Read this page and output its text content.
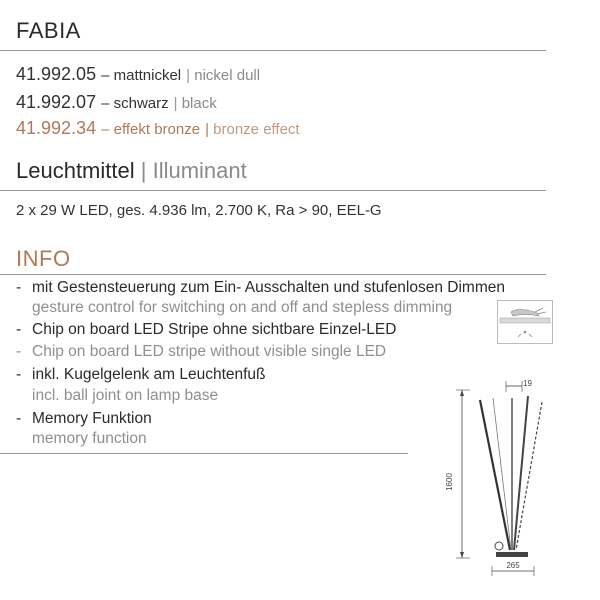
FABIA
41.992.05 – mattnickel | nickel dull
41.992.07 – schwarz | black
41.992.34 – effekt bronze | bronze effect
Leuchtmittel | Illuminant
2 x 29 W LED, ges. 4.936 lm, 2.700 K, Ra > 90, EEL-G
INFO
- mit Gestensteuerung zum Ein- Ausschalten und stufenlosen Dimmen
gesture control for switching on and off and stepless dimming
- Chip on board LED Stripe ohne sichtbare Einzel-LED
- Chip on board LED stripe without visible single LED
- inkl. Kugelgelenk am Leuchtenfuß
incl. ball joint on lamp base
- Memory Funktion
memory function
19
1600
265
